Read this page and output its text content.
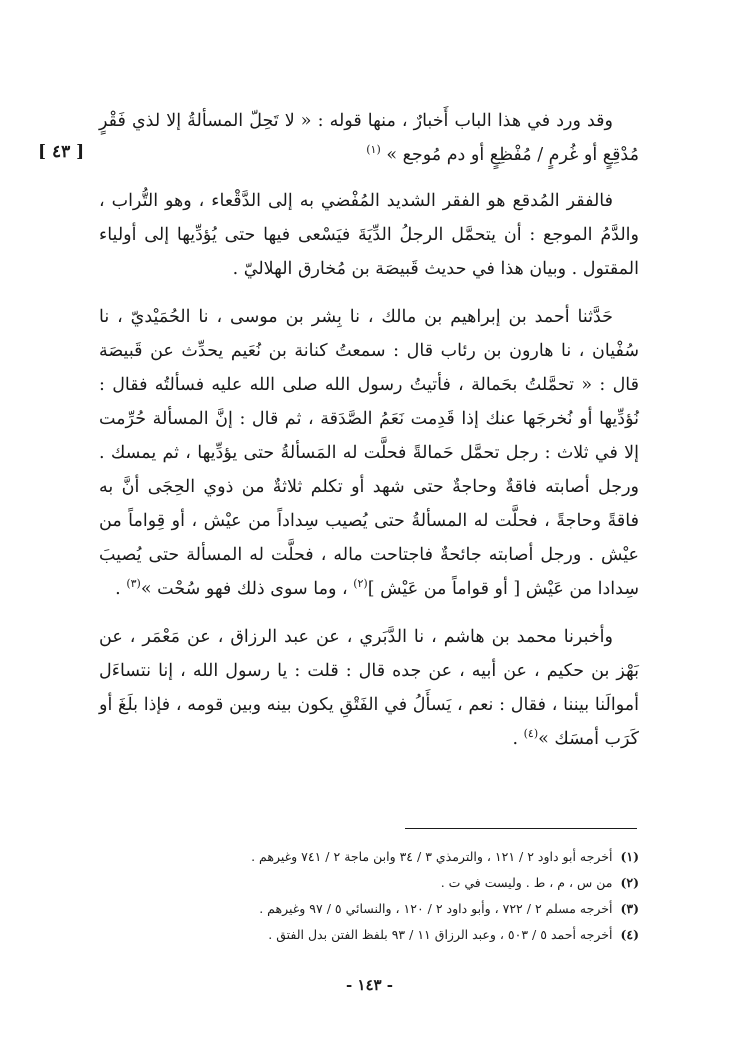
[ ٤٣ ]

وقد ورد في هذا الباب أَخبارٌ ، منها قوله : « لا تَحِلّ المسألةُ إلا لذي فَقْرٍ مُدْقِعٍ أو غُرمٍ / مُفْظِعٍ أو دم مُوجع » $^{(١)}$

فالفقر المُدقع هو الفقر الشديد المُفْضي به إلى الدَّقْعاء ، وهو التُّراب ، والدَّمُ الموجع : أن يتحمَّل الرجلُ الدِّيَةَ فيَسْعى فيها حتى يُؤدِّيها إلى أولياء المقتول . وبيان هذا في حديث قَبيصَة بن مُخارق الهلاليّ .

حَدَّثنا أحمد بن إبراهيم بن مالك ، نا بِشر بن موسى ، نا الحُمَيْديّ ، نا سُفْيان ، نا هارون بن رئاب قال : سمعتُ كنانة بن نُعَيم يحدِّث عن قَبيصَة قال : « تحمَّلتُ بحَمالة ، فأتيتُ رسول الله صلى الله عليه فسألتُه فقال : نُؤدِّيها أو نُخرجَها عنك إذا قَدِمت نَعَمُ الصَّدَقة ، ثم قال : إنَّ المسألة حُرِّمت إلا في ثلاث : رجل تحمَّل حَمالةً فحلَّت له المَسألةُ حتى يؤدِّيها ، ثم يمسك . ورجل أصابته فاقةٌ وحاجةٌ حتى شهد أو تكلم ثلاثةٌ من ذوي الحِجَى أنَّ به فاقةً وحاجةً ، فحلَّت له المسألةُ حتى يُصيب سِداداً من عيْش ، أو قِواماً من عيْش . ورجل أصابته جائحةٌ فاجتاحت ماله ، فحلَّت له المسألة حتى يُصيبَ سِدادا من عَيْش [ أو قواماً من عَيْش ]$^{(٢)}$ ، وما سوى ذلك فهو سُحْت »$^{(٣)}$ .

وأخبرنا محمد بن هاشم ، نا الدَّبَري ، عن عبد الرزاق ، عن مَعْمَر ، عن بَهْز بن حكيم ، عن أبيه ، عن جده قال : قلت : يا رسول الله ، إنا نتساءَل أموالَنا بيننا ، فقال : نعم ، يَسأَلُ في الفَتْقِ يكون بينه وبين قومه ، فإذا بلَغَ أو كَرَب أمسَك »$^{(٤)}$ .

(١)أخرجه أبو داود ٢ / ١٢١ ، والترمذي ٣ / ٣٤ وابن ماجة ٢ / ٧٤١ وغيرهم .
(٢)من س ، م ، ط . وليست في ت .
(٣)أخرجه مسلم ٢ / ٧٢٢ ، وأبو داود ٢ / ١٢٠ ، والنسائي ٥ / ٩٧ وغيرهم .
(٤)أخرجه أحمد ٥ / ٥٠٣ ، وعبد الرزاق ١١ / ٩٣ بلفظ الفتن بدل الفتق .
- ١٤٣ -
